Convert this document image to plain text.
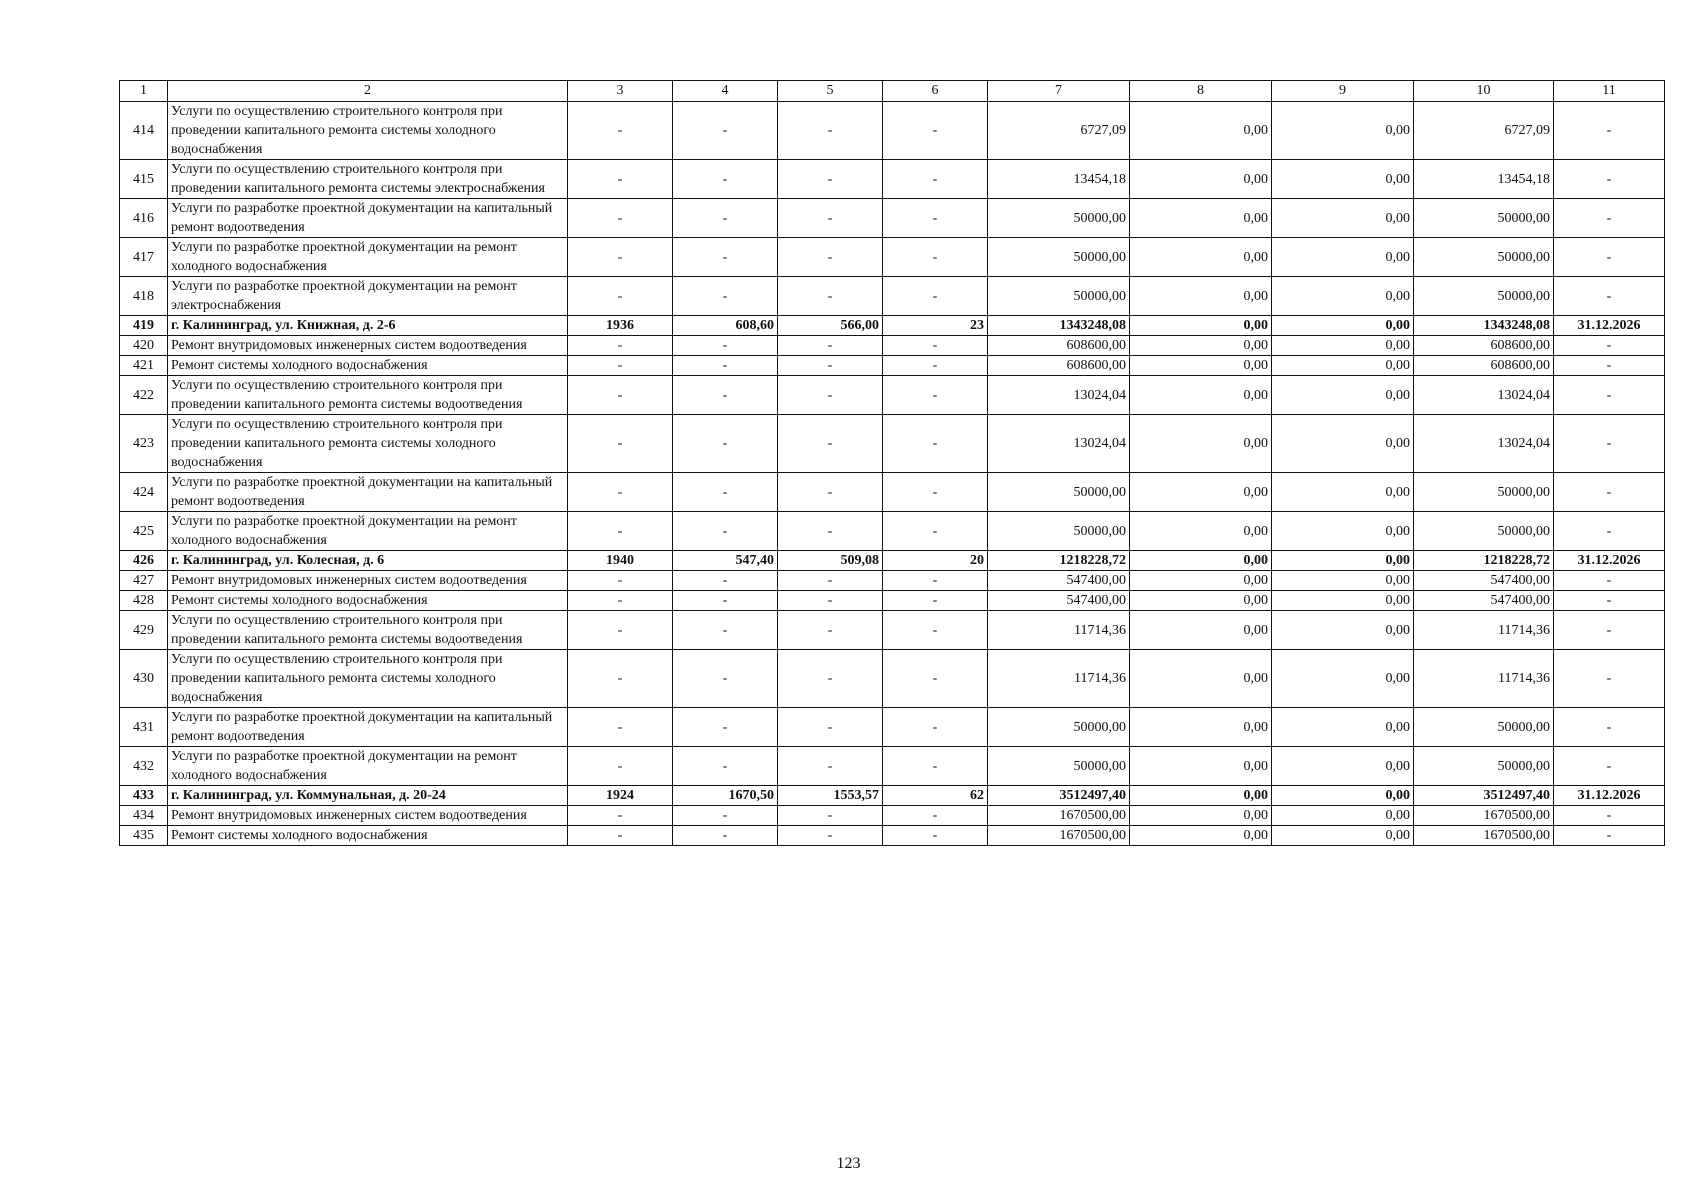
1	2	3	4	5	6	7	8	9	10	11
414	Услуги по осуществлению строительного контроля при проведении капитального ремонта системы холодного водоснабжения	-	-	-	-	6727,09	0,00	0,00	6727,09	-
415	Услуги по осуществлению строительного контроля при проведении капитального ремонта системы электроснабжения	-	-	-	-	13454,18	0,00	0,00	13454,18	-
416	Услуги по разработке проектной документации на капитальный ремонт водоотведения	-	-	-	-	50000,00	0,00	0,00	50000,00	-
417	Услуги по разработке проектной документации на ремонт холодного водоснабжения	-	-	-	-	50000,00	0,00	0,00	50000,00	-
418	Услуги по разработке проектной документации на ремонт электроснабжения	-	-	-	-	50000,00	0,00	0,00	50000,00	-
419	г. Калининград, ул. Книжная, д. 2-6	1936	608,60	566,00	23	1343248,08	0,00	0,00	1343248,08	31.12.2026
420	Ремонт внутридомовых инженерных систем водоотведения	-	-	-	-	608600,00	0,00	0,00	608600,00	-
421	Ремонт системы холодного водоснабжения	-	-	-	-	608600,00	0,00	0,00	608600,00	-
422	Услуги по осуществлению строительного контроля при проведении капитального ремонта системы водоотведения	-	-	-	-	13024,04	0,00	0,00	13024,04	-
423	Услуги по осуществлению строительного контроля при проведении капитального ремонта системы холодного водоснабжения	-	-	-	-	13024,04	0,00	0,00	13024,04	-
424	Услуги по разработке проектной документации на капитальный ремонт водоотведения	-	-	-	-	50000,00	0,00	0,00	50000,00	-
425	Услуги по разработке проектной документации на ремонт холодного водоснабжения	-	-	-	-	50000,00	0,00	0,00	50000,00	-
426	г. Калининград, ул. Колесная, д. 6	1940	547,40	509,08	20	1218228,72	0,00	0,00	1218228,72	31.12.2026
427	Ремонт внутридомовых инженерных систем водоотведения	-	-	-	-	547400,00	0,00	0,00	547400,00	-
428	Ремонт системы холодного водоснабжения	-	-	-	-	547400,00	0,00	0,00	547400,00	-
429	Услуги по осуществлению строительного контроля при проведении капитального ремонта системы водоотведения	-	-	-	-	11714,36	0,00	0,00	11714,36	-
430	Услуги по осуществлению строительного контроля при проведении капитального ремонта системы холодного водоснабжения	-	-	-	-	11714,36	0,00	0,00	11714,36	-
431	Услуги по разработке проектной документации на капитальный ремонт водоотведения	-	-	-	-	50000,00	0,00	0,00	50000,00	-
432	Услуги по разработке проектной документации на ремонт холодного водоснабжения	-	-	-	-	50000,00	0,00	0,00	50000,00	-
433	г. Калининград, ул. Коммунальная, д. 20-24	1924	1670,50	1553,57	62	3512497,40	0,00	0,00	3512497,40	31.12.2026
434	Ремонт внутридомовых инженерных систем водоотведения	-	-	-	-	1670500,00	0,00	0,00	1670500,00	-
435	Ремонт системы холодного водоснабжения	-	-	-	-	1670500,00	0,00	0,00	1670500,00	-
123
